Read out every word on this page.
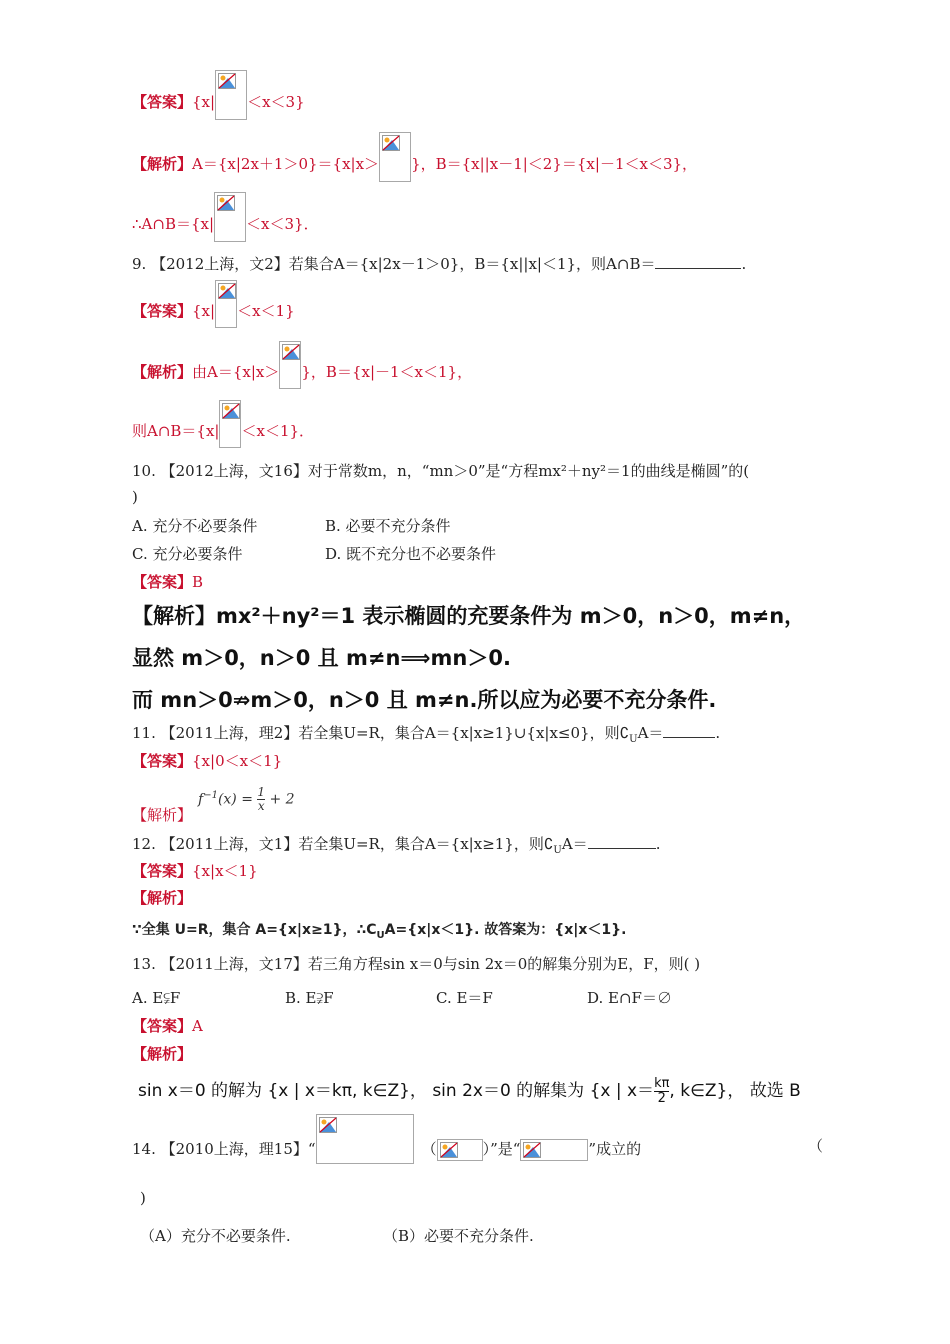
【答案】{x| ＜x＜3}
【解析】A＝{x|2x＋1＞0}＝{x|x＞ }，B＝{x||x－1|＜2}＝{x|－1＜x＜3}，
∴A∩B＝{x| ＜x＜3}．
9. 【2012上海，文2】若集合A＝{x|2x－1＞0}，B＝{x||x|＜1}，则A∩B＝	.
【答案】{x| ＜x＜1}
【解析】由A＝{x|x＞ }，B＝{x|－1＜x＜1}，
则A∩B＝{x| ＜x＜1}．
10. 【2012上海，文16】对于常数m，n，“mn＞0”是“方程mx²＋ny²＝1的曲线是椭圆”的(
)
A. 充分不必要条件	B. 必要不充分条件
C. 充分必要条件	D. 既不充分也不必要条件
【答案】B
【解析】mx²＋ny²＝1 表示椭圆的充要条件为 m＞0，n＞0，m≠n，
显然 m＞0，n＞0 且 m≠n⟹mn＞0.
而 mn＞0⇏m＞0，n＞0 且 m≠n.所以应为必要不充分条件.
11. 【2011上海，理2】若全集U=R，集合A＝{x|x≥1}∪{x|x≤0}，则$∁_UA=$	.
【答案】{x|0＜x＜1}
【解析】
$f^{-1}(x) = \frac{1}{x} + 2$
12. 【2011上海，文1】若全集U=R，集合A＝{x|x≥1}，则$∁_UA=$	.
【答案】{x|x＜1}
【解析】
∵全集 U=R，集合 A={x|x≥1}，$\therefore C_UA=\{x|x<1\}$. 故答案为：{x|x＜1}.
13. 【2011上海，文17】若三角方程sin x＝0与sin 2x＝0的解集分别为E，F，则( )
A. E⫋F	B. E⫌F	C. E＝F	D. E∩F＝∅
【答案】A
【解析】
sin x＝0 的解为 {x | x＝kπ, k∈Z}， sin 2x＝0 的解集为 {x | $x= \frac{k\pi}{2}$ , k∈Z}， 故选 B
14. 【2010上海，理15】“	（	）”是“	”成立的	（
)
（A）充分不必要条件.	（B）必要不充分条件.
